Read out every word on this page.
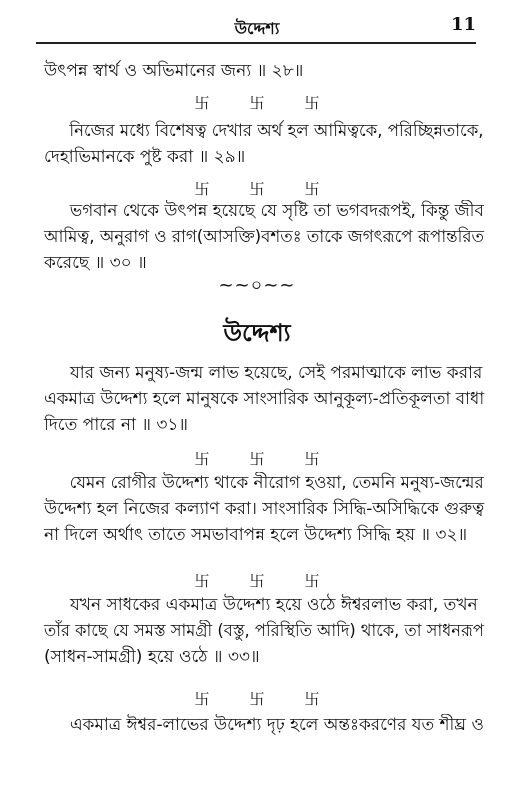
উদ্দেশ্য	11
উৎপন্ন স্বার্থ ও অভিমানের জন্য ॥ ২৮॥
卐	卐	卐
নিজের মধ্যে বিশেষত্ব দেখার অর্থ হল আমিত্বকে, পরিচ্ছিন্নতাকে,
দেহাভিমানকে পুষ্ট করা ॥ ২৯॥
卐	卐	卐
ভগবান থেকে উৎপন্ন হয়েছে যে সৃষ্টি তা ভগবদরূপই, কিন্তু জীব
আমিত্ব, অনুরাগ ও রাগ(আসক্তি)বশতঃ তাকে জগৎরূপে রূপান্তরিত
করেছে ॥ ৩০ ॥
~~০~~
উদ্দেশ্য
যার জন্য মনুষ্য-জন্ম লাভ হয়েছে, সেই পরমাত্মাকে লাভ করার
একমাত্র উদ্দেশ্য হলে মানুষকে সাংসারিক আনুকূল্য-প্রতিকূলতা বাধা
দিতে পারে না ॥ ৩১॥
卐	卐	卐
যেমন রোগীর উদ্দেশ্য থাকে নীরোগ হওয়া, তেমনি মনুষ্য-জন্মের
উদ্দেশ্য হল নিজের কল্যাণ করা। সাংসারিক সিদ্ধি-অসিদ্ধিকে গুরুত্ব
না দিলে অর্থাৎ তাতে সমভাবাপন্ন হলে উদ্দেশ্য সিদ্ধি হয় ॥ ৩২॥
卐	卐	卐
যখন সাধকের একমাত্র উদ্দেশ্য হয়ে ওঠে ঈশ্বরলাভ করা, তখন
তাঁর কাছে যে সমস্ত সামগ্রী (বস্তু, পরিস্থিতি আদি) থাকে, তা সাধনরূপ
(সাধন-সামগ্রী) হয়ে ওঠে ॥ ৩৩॥
卐	卐	卐
একমাত্র ঈশ্বর-লাভের উদ্দেশ্য দৃঢ় হলে অন্তঃকরণের যত শীঘ্র ও
